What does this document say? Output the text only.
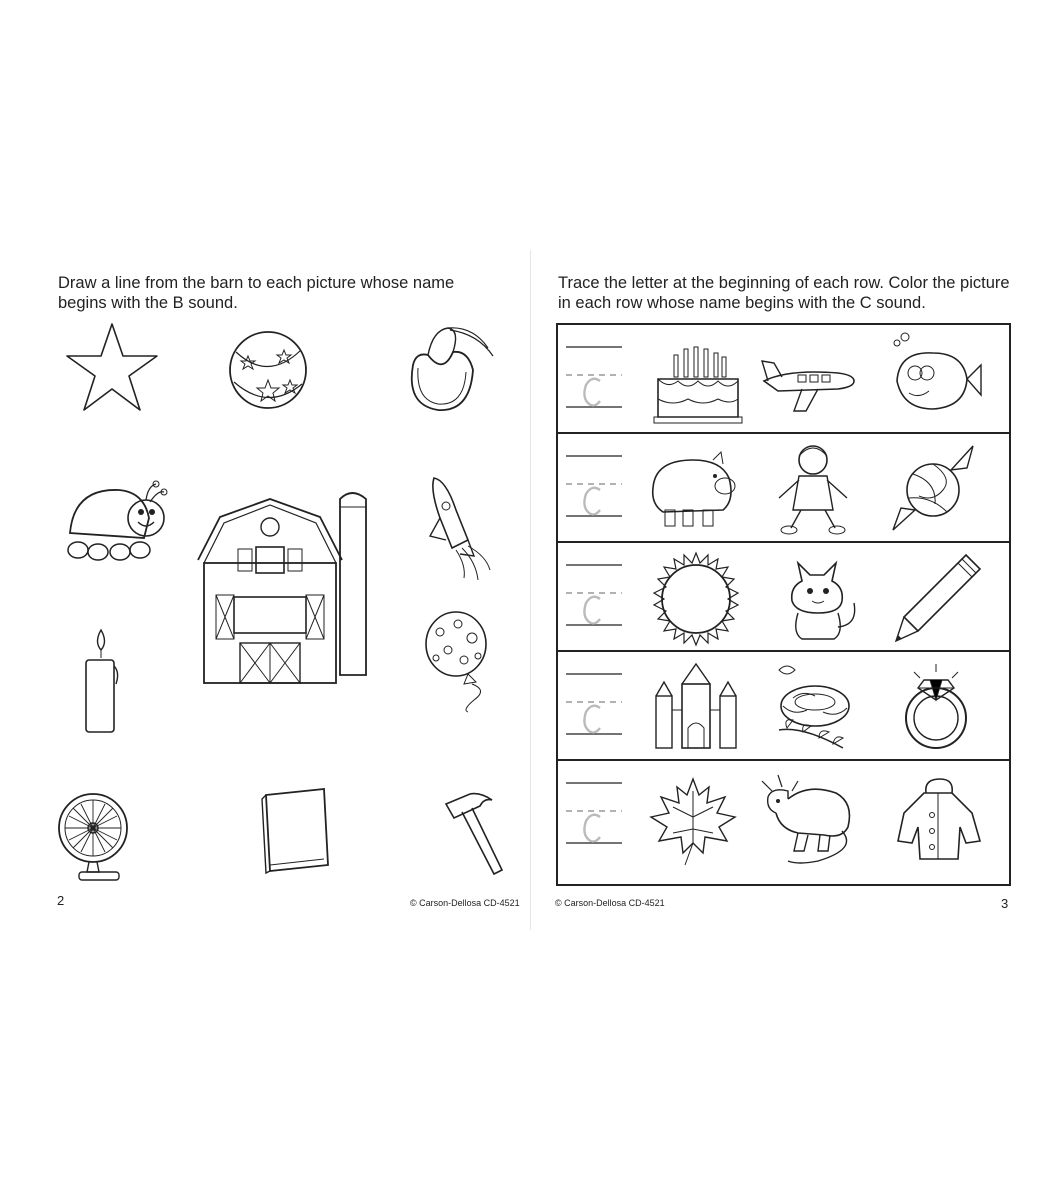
Draw a line from the barn to each picture whose name begins with the B sound.

2	© Carson-Dellosa CD-4521

Trace the letter at the beginning of each row. Color the picture in each row whose name begins with the C sound.

© Carson-Dellosa CD-4521	3
